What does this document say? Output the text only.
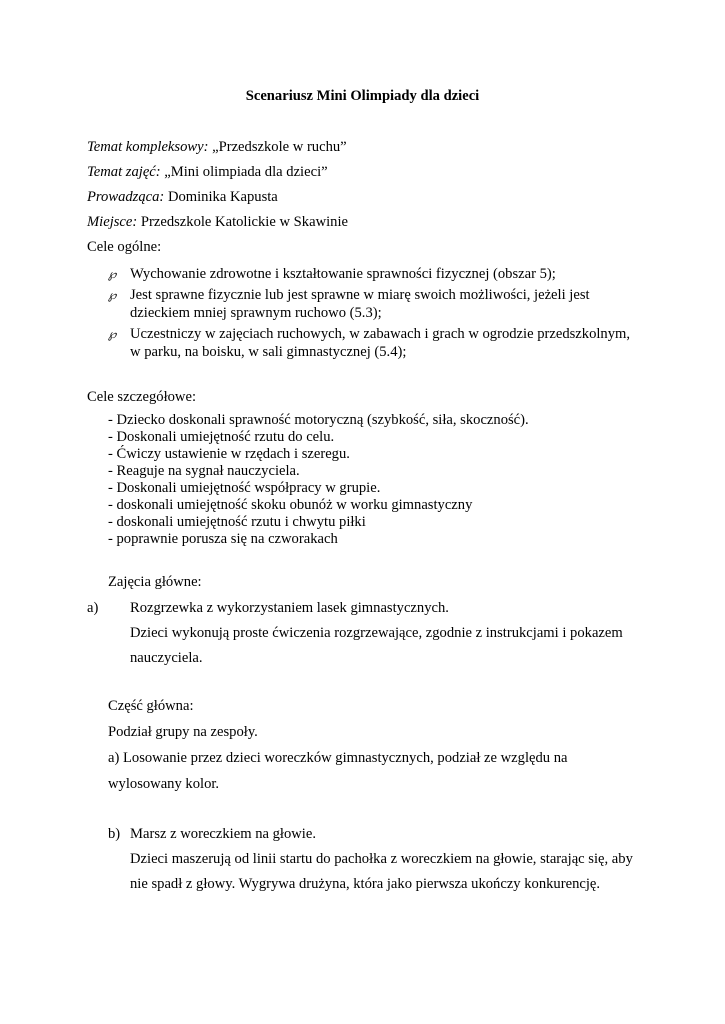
Scenariusz Mini Olimpiady dla dzieci
Temat kompleksowy: „Przedszkole w ruchu”
Temat zajęć: „Mini olimpiada dla dzieci”
Prowadząca: Dominika Kapusta
Miejsce: Przedszkole Katolickie w Skawinie
Cele ogólne:
℘ Wychowanie zdrowotne i kształtowanie sprawności fizycznej (obszar 5);
℘ Jest sprawne fizycznie lub jest sprawne w miarę swoich możliwości, jeżeli jest
dzieckiem mniej sprawnym ruchowo (5.3);
℘ Uczestniczy w zajęciach ruchowych, w zabawach i grach w ogrodzie przedszkolnym,
w parku, na boisku, w sali gimnastycznej (5.4);
Cele szczegółowe:
- Dziecko doskonali sprawność motoryczną (szybkość, siła, skoczność).
- Doskonali umiejętność rzutu do celu.
- Ćwiczy ustawienie w rzędach i szeregu.
- Reaguje na sygnał nauczyciela.
- Doskonali umiejętność współpracy w grupie.
- doskonali umiejętność skoku obunóż w worku gimnastyczny
- doskonali umiejętność rzutu i chwytu piłki
- poprawnie porusza się na czworakach
Zajęcia główne:
a) Rozgrzewka z wykorzystaniem lasek gimnastycznych.
Dzieci wykonują proste ćwiczenia rozgrzewające, zgodnie z instrukcjami i pokazem
nauczyciela.
Część główna:
Podział grupy na zespoły.
a) Losowanie przez dzieci woreczków gimnastycznych, podział ze względu na
wylosowany kolor.
b) Marsz z woreczkiem na głowie.
Dzieci maszerują od linii startu do pachołka z woreczkiem na głowie, starając się, aby
nie spadł z głowy. Wygrywa drużyna, która jako pierwsza ukończy konkurencję.
